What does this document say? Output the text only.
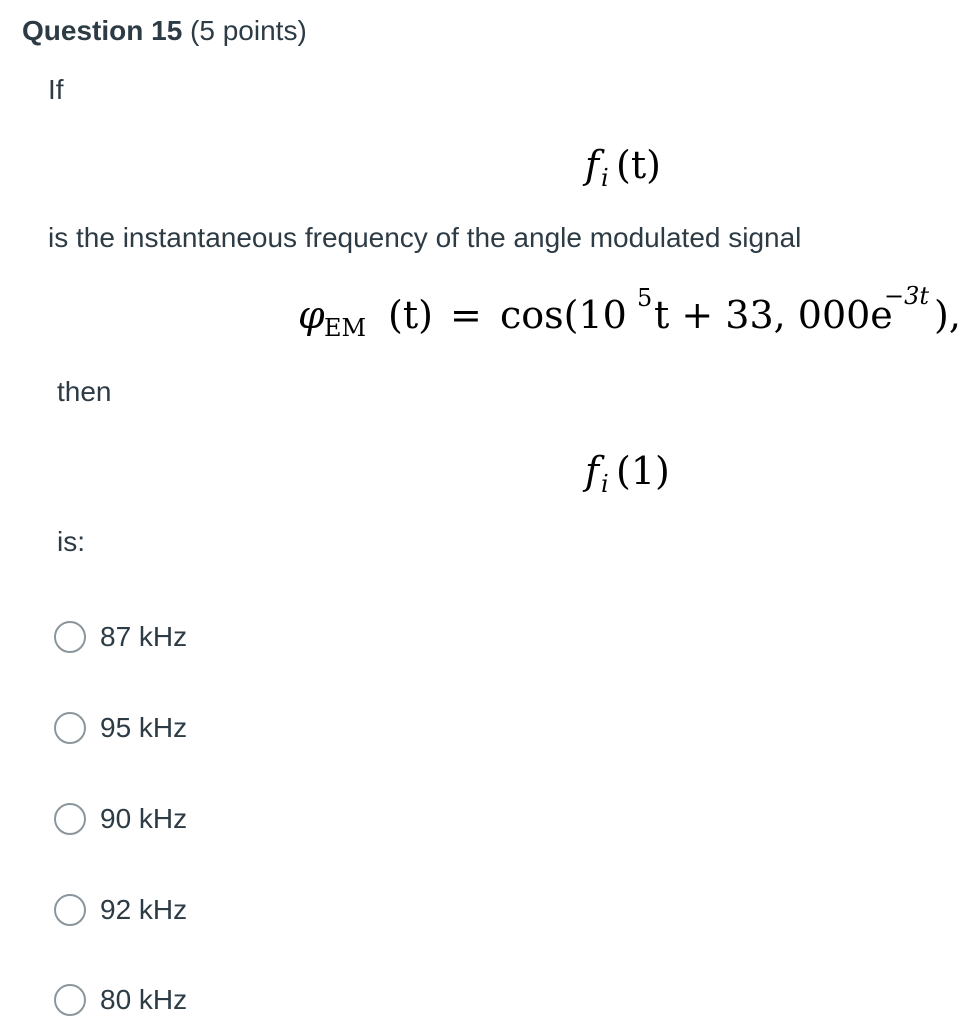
Question 15 (5 points)
If
f i (t)
is the instantaneous frequency of the angle modulated signal
φ EM (t) = cos(10 5 t + 33, 000e
−3t ),
then
f i (1)
is:
87 kHz
95 kHz
90 kHz
92 kHz
80 kHz
